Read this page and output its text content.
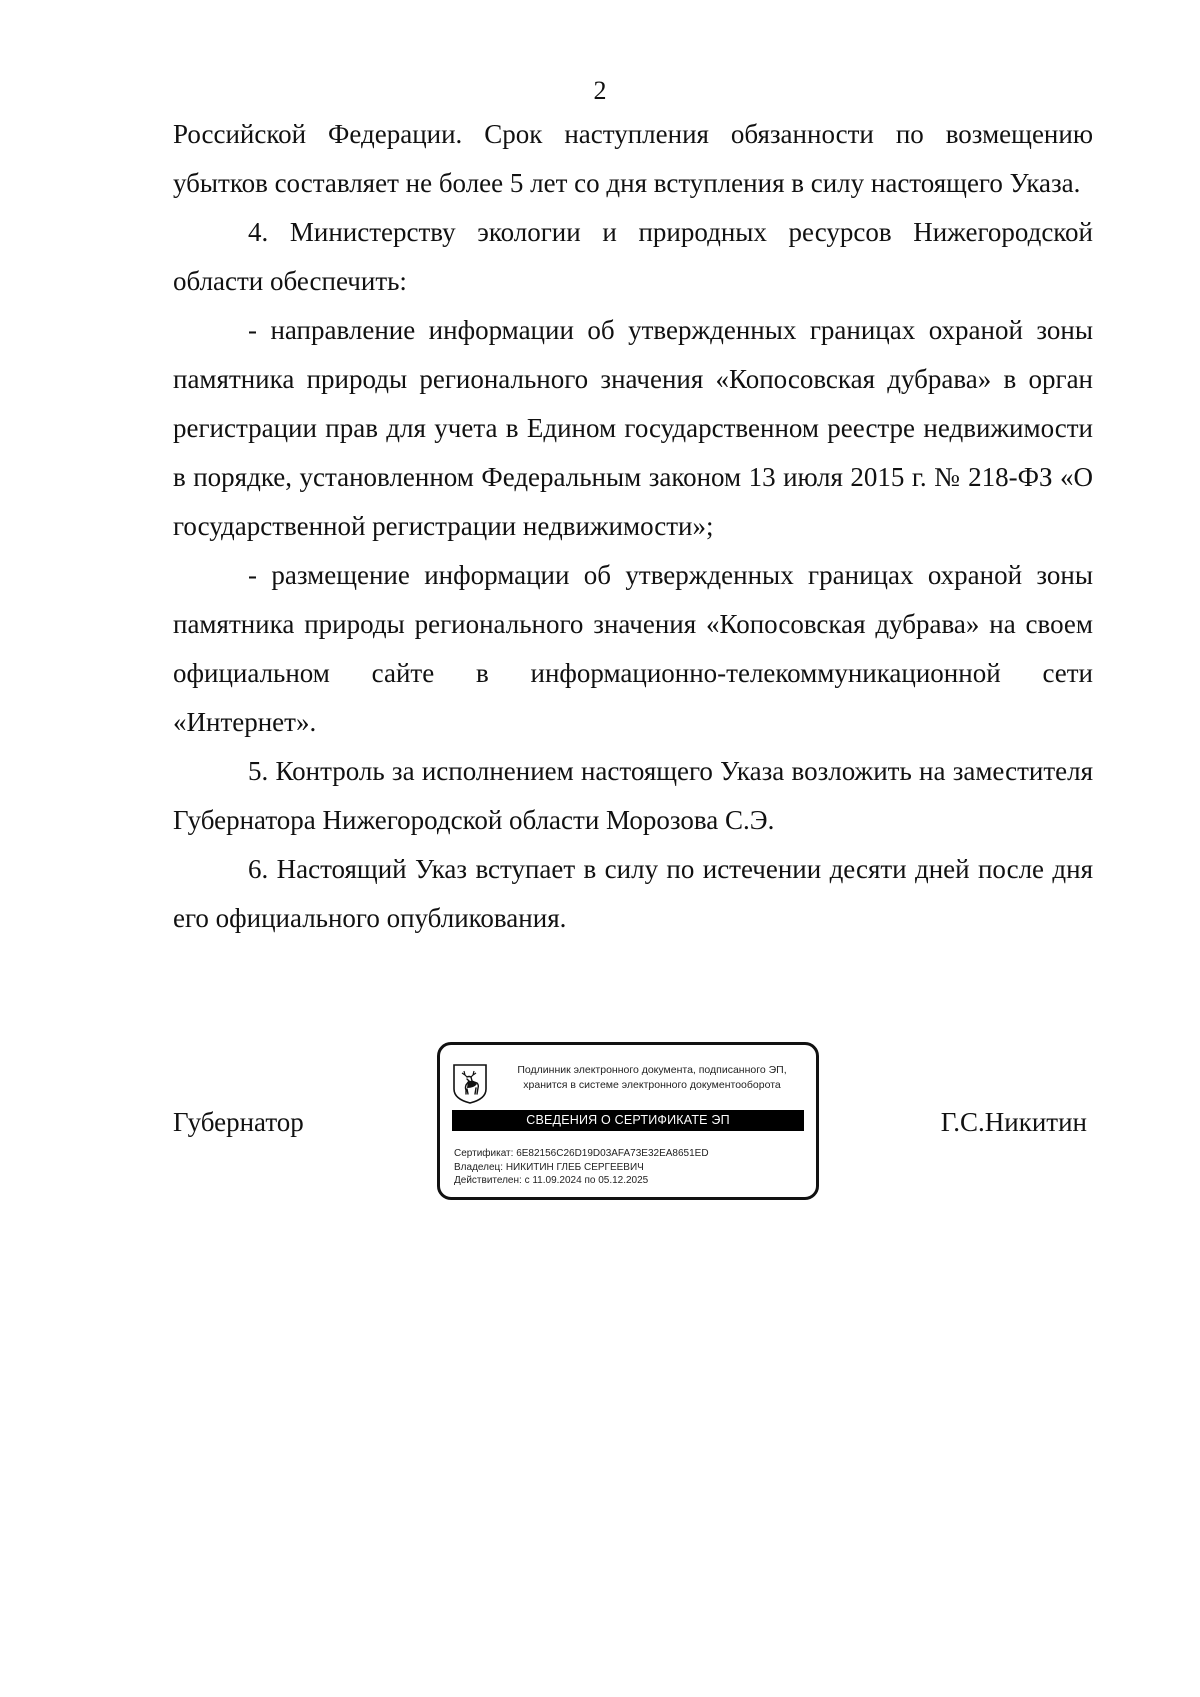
2

Российской Федерации. Срок наступления обязанности по возмещению убытков составляет не более 5 лет со дня вступления в силу настоящего Указа.

4. Министерству экологии и природных ресурсов Нижегородской области обеспечить:

- направление информации об утвержденных границах охраной зоны памятника природы регионального значения «Копосовская дубрава» в орган регистрации прав для учета в Едином государственном реестре недвижимости в порядке, установленном Федеральным законом 13 июля 2015 г. № 218-ФЗ «О государственной регистрации недвижимости»;

- размещение информации об утвержденных границах охраной зоны памятника природы регионального значения «Копосовская дубрава» на своем официальном сайте в информационно-телекоммуникационной сети «Интернет».

5. Контроль за исполнением настоящего Указа возложить на заместителя Губернатора Нижегородской области Морозова С.Э.

6. Настоящий Указ вступает в силу по истечении десяти дней после дня его официального опубликования.

Губернатор
Подлинник электронного документа, подписанного ЭП,
хранится в системе электронного документооборота
СВЕДЕНИЯ О СЕРТИФИКАТЕ ЭП
Сертификат: 6E82156C26D19D03AFA73E32EA8651ED
Владелец: НИКИТИН ГЛЕБ СЕРГЕЕВИЧ
Действителен: с 11.09.2024 по 05.12.2025
Г.С.Никитин
